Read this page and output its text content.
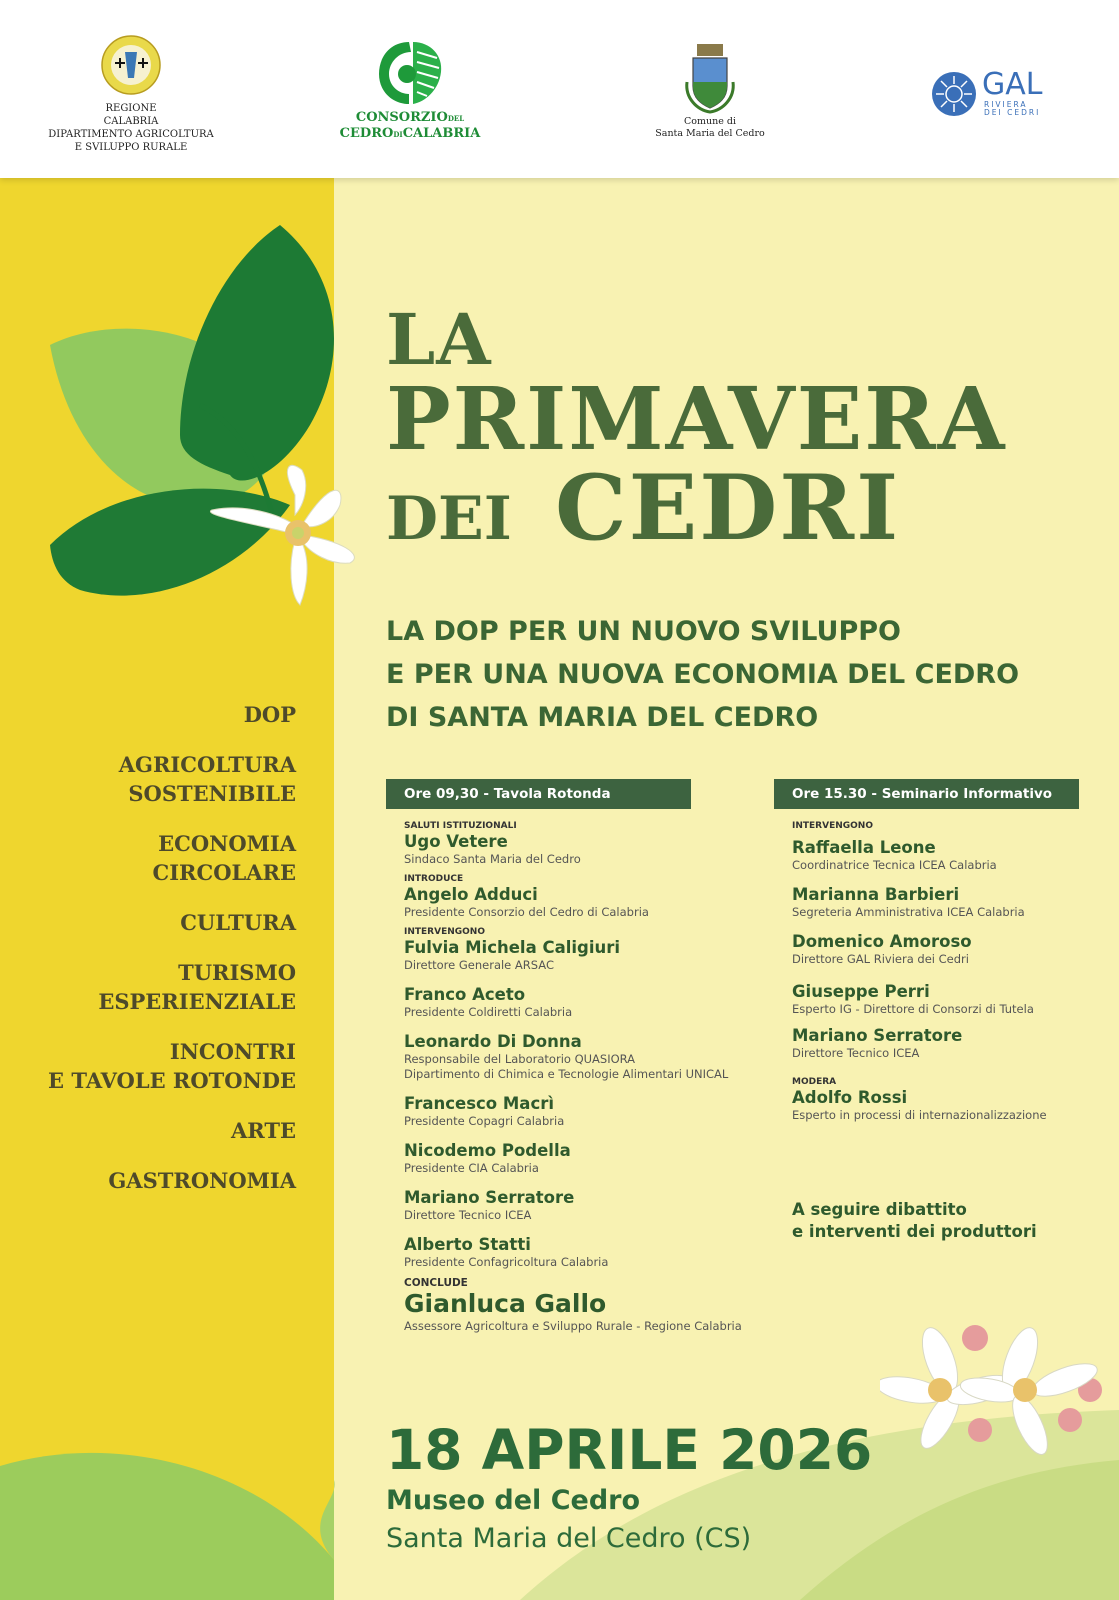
REGIONE
CALABRIA
DIPARTIMENTO AGRICOLTURA
E SVILUPPO RURALE
CONSORZIODEL
CEDRODICALABRIA
Comune di
Santa Maria del Cedro
GAL
RIVIERA
DEI CEDRI
LA
PRIMAVERA
DEI CEDRI
LA DOP PER UN NUOVO SVILUPPO
E PER UNA NUOVA ECONOMIA DEL CEDRO
DI SANTA MARIA DEL CEDRO
DOP
AGRICOLTURA
SOSTENIBILE
ECONOMIA
CIRCOLARE
CULTURA
TURISMO
ESPERIENZIALE
INCONTRI
E TAVOLE ROTONDE
ARTE
GASTRONOMIA
Ore 09,30 - Tavola Rotonda
SALUTI ISTITUZIONALI
Ugo Vetere
Sindaco Santa Maria del Cedro
INTRODUCE
Angelo Adduci
Presidente Consorzio del Cedro di Calabria
INTERVENGONO
Fulvia Michela Caligiuri
Direttore Generale ARSAC
Franco Aceto
Presidente Coldiretti Calabria
Leonardo Di Donna
Responsabile del Laboratorio QUASIORA
Dipartimento di Chimica e Tecnologie Alimentari UNICAL
Francesco Macrì
Presidente Copagri Calabria
Nicodemo Podella
Presidente CIA Calabria
Mariano Serratore
Direttore Tecnico ICEA
Alberto Statti
Presidente Confagricoltura Calabria
CONCLUDE
Gianluca Gallo
Assessore Agricoltura e Sviluppo Rurale - Regione Calabria
Ore 15.30 - Seminario Informativo
INTERVENGONO
Raffaella Leone
Coordinatrice Tecnica ICEA Calabria
Marianna Barbieri
Segreteria Amministrativa ICEA Calabria
Domenico Amoroso
Direttore GAL Riviera dei Cedri
Giuseppe Perri
Esperto IG - Direttore di Consorzi di Tutela
Mariano Serratore
Direttore Tecnico ICEA
MODERA
Adolfo Rossi
Esperto in processi di internazionalizzazione
A seguire dibattito
e interventi dei produttori
18 APRILE 2026
Museo del Cedro
Santa Maria del Cedro (CS)
